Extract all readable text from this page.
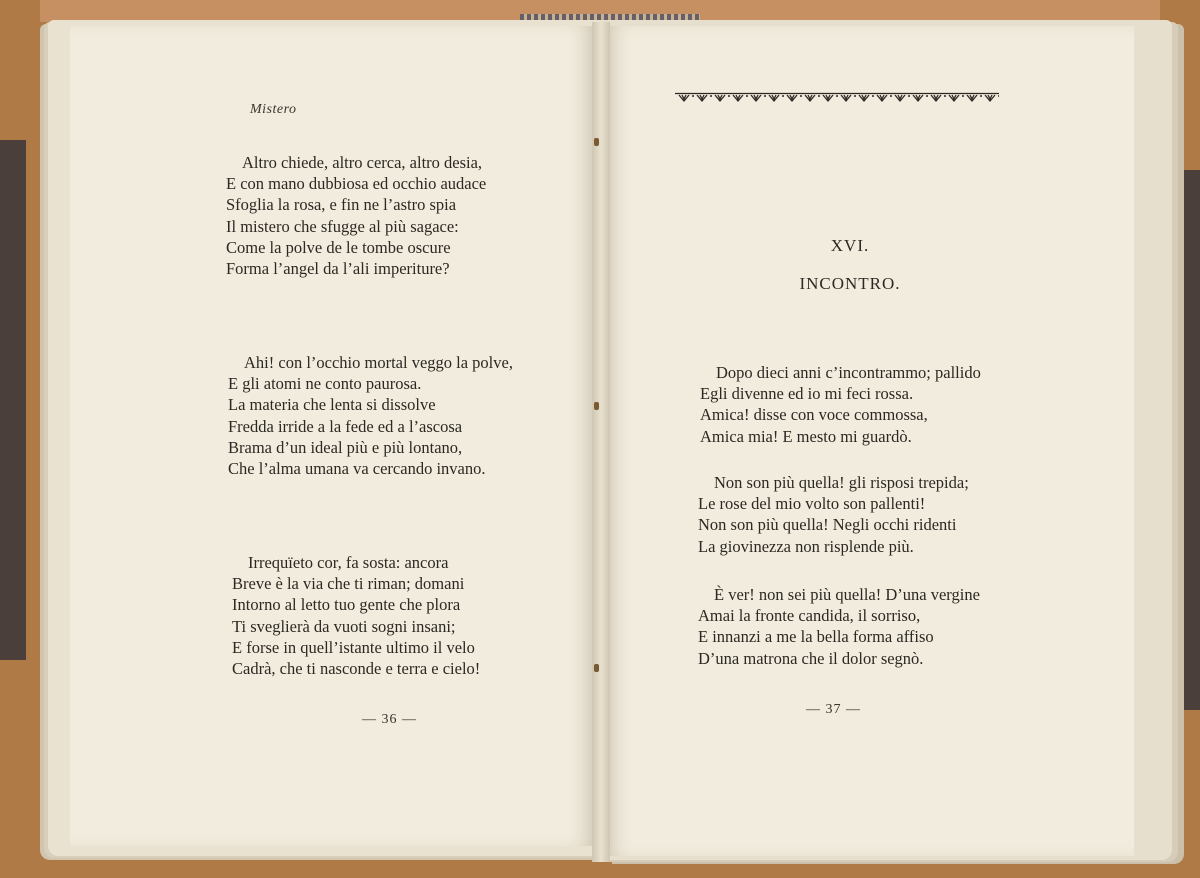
Mistero
Altro chiede, altro cerca, altro desia,
E con mano dubbiosa ed occhio audace
Sfoglia la rosa, e fin ne l’astro spia
Il mistero che sfugge al più sagace:
Come la polve de le tombe oscure
Forma l’angel da l’ali imperiture?
Ahi! con l’occhio mortal veggo la polve,
E gli atomi ne conto paurosa.
La materia che lenta si dissolve
Fredda irride a la fede ed a l’ascosa
Brama d’un ideal più e più lontano,
Che l’alma umana va cercando invano.
Irrequïeto cor, fa sosta: ancora
Breve è la via che ti riman; domani
Intorno al letto tuo gente che plora
Ti sveglierà da vuoti sogni insani;
E forse in quell’istante ultimo il velo
Cadrà, che ti nasconde e terra e cielo!
— 36 —
XVI.
INCONTRO.
Dopo dieci anni c’incontrammo; pallido
Egli divenne ed io mi feci rossa.
Amica! disse con voce commossa,
Amica mia! E mesto mi guardò.
Non son più quella! gli risposi trepida;
Le rose del mio volto son pallenti!
Non son più quella! Negli occhi ridenti
La giovinezza non risplende più.
È ver! non sei più quella! D’una vergine
Amai la fronte candida, il sorriso,
E innanzi a me la bella forma affiso
D’una matrona che il dolor segnò.
— 37 —
